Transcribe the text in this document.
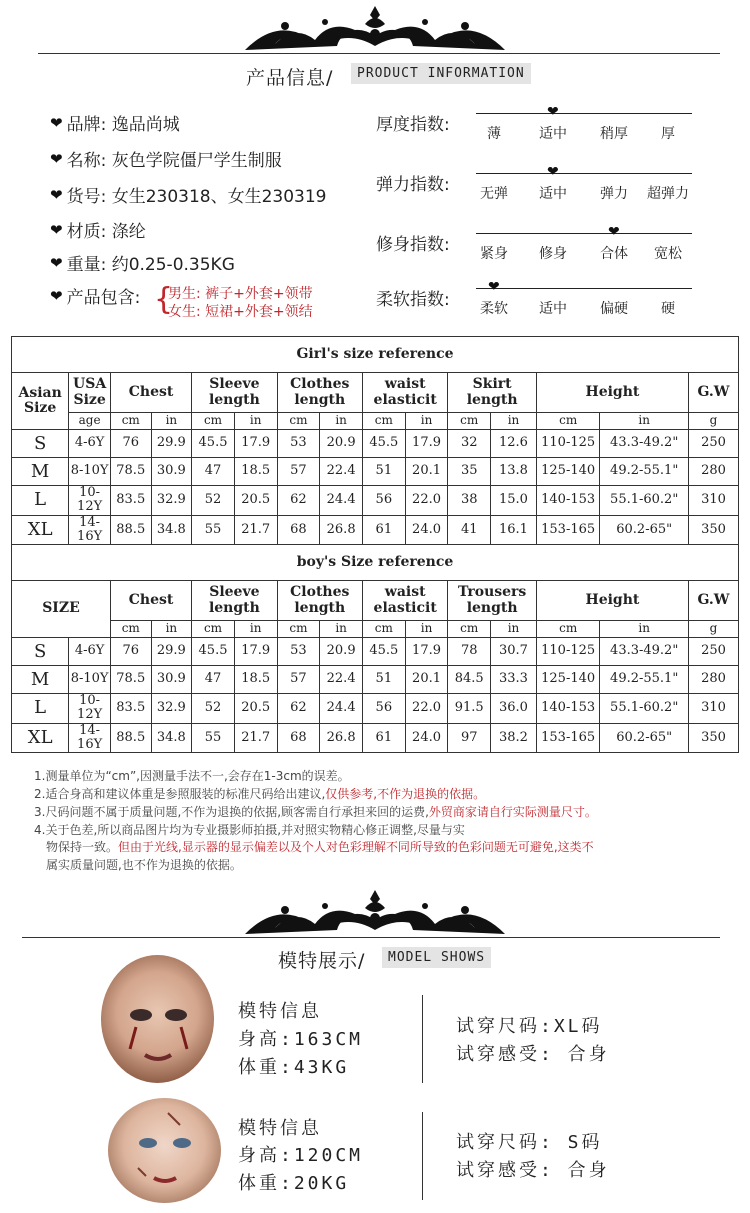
产品信息/	PRODUCT INFORMATION
❤ 品牌: 逸品尚城
❤ 名称: 灰色学院僵尸学生制服
❤ 货号: 女生230318、女生230319
❤ 材质: 涤纶
❤ 重量: 约0.25-0.35KG
❤ 产品包含: {
男生: 裤子+外套+领带
女生: 短裙+外套+领结
厚度指数:
❤
薄	适中	稍厚	厚
弹力指数:
❤
无弹	适中	弹力	超弹力
修身指数:
❤
紧身	修身	合体	宽松
柔软指数:
❤
柔软	适中	偏硬	硬
Girl's size reference														
Asian Size	USA Size	Chest		Sleeve length		Clothes length		waist elasticit		Skirt length		Height		G.W
	age	cm	in	cm	in	cm	in	cm	in	cm	in	cm	in	g
S	4-6Y	76	29.9	45.5	17.9	53	20.9	45.5	17.9	32	12.6	110-125	43.3-49.2"	250
M	8-10Y	78.5	30.9	47	18.5	57	22.4	51	20.1	35	13.8	125-140	49.2-55.1"	280
L	10-12Y	83.5	32.9	52	20.5	62	24.4	56	22.0	38	15.0	140-153	55.1-60.2"	310
XL	14-16Y	88.5	34.8	55	21.7	68	26.8	61	24.0	41	16.1	153-165	60.2-65"	350
boy's Size reference														
SIZE		Chest		Sleeve length		Clothes length		waist elasticit		Trousers length		Height		G.W
		cm	in	cm	in	cm	in	cm	in	cm	in	cm	in	g
S	4-6Y	76	29.9	45.5	17.9	53	20.9	45.5	17.9	78	30.7	110-125	43.3-49.2"	250
M	8-10Y	78.5	30.9	47	18.5	57	22.4	51	20.1	84.5	33.3	125-140	49.2-55.1"	280
L	10-12Y	83.5	32.9	52	20.5	62	24.4	56	22.0	91.5	36.0	140-153	55.1-60.2"	310
XL	14-16Y	88.5	34.8	55	21.7	68	26.8	61	24.0	97	38.2	153-165	60.2-65"	350
1.测量单位为“cm”,因测量手法不一,会存在1-3cm的误差。
2.适合身高和建议体重是参照服装的标准尺码给出建议,仅供参考,不作为退换的依据。
3.尺码问题不属于质量问题,不作为退换的依据,顾客需自行承担来回的运费,外贸商家请自行实际测量尺寸。
4.关于色差,所以商品图片均为专业摄影师拍摄,并对照实物精心修正调整,尽量与实
物保持一致。但由于光线,显示器的显示偏差以及个人对色彩理解不同所导致的色彩问题无可避免,这类不
属实质量问题,也不作为退换的依据。
模特展示/	MODEL SHOWS
模特信息
身高:163CM
体重:43KG
试穿尺码:XL码
试穿感受: 合身
模特信息
身高:120CM
体重:20KG
试穿尺码: S码
试穿感受: 合身
